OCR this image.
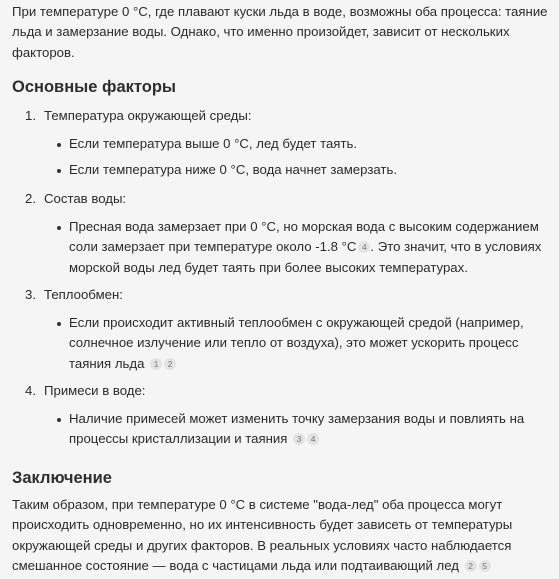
При температуре 0 °C, где плавают куски льда в воде, возможны оба процесса: таяние льда и замерзание воды. Однако, что именно произойдет, зависит от нескольких факторов.

Основные факторы
1. Температура окружающей среды:

Если температура выше 0 °C, лед будет таять.

Если температура ниже 0 °C, вода начнет замерзать.

2. Состав воды:

Пресная вода замерзает при 0 °C, но морская вода с высоким содержанием соли замерзает при температуре около -1.8 °C 4 . Это значит, что в условиях морской воды лед будет таять при более высоких температурах.

3. Теплообмен:

Если происходит активный теплообмен с окружающей средой (например, солнечное излучение или тепло от воздуха), это может ускорить процесс таяния льда 1 2

4. Примеси в воде:

Наличие примесей может изменить точку замерзания воды и повлиять на процессы кристаллизации и таяния 3 4

Заключение

Таким образом, при температуре 0 °C в системе "вода-лед" оба процесса могут происходить одновременно, но их интенсивность будет зависеть от температуры окружающей среды и других факторов. В реальных условиях часто наблюдается смешанное состояние — вода с частицами льда или подтаивающий лед 2 5
